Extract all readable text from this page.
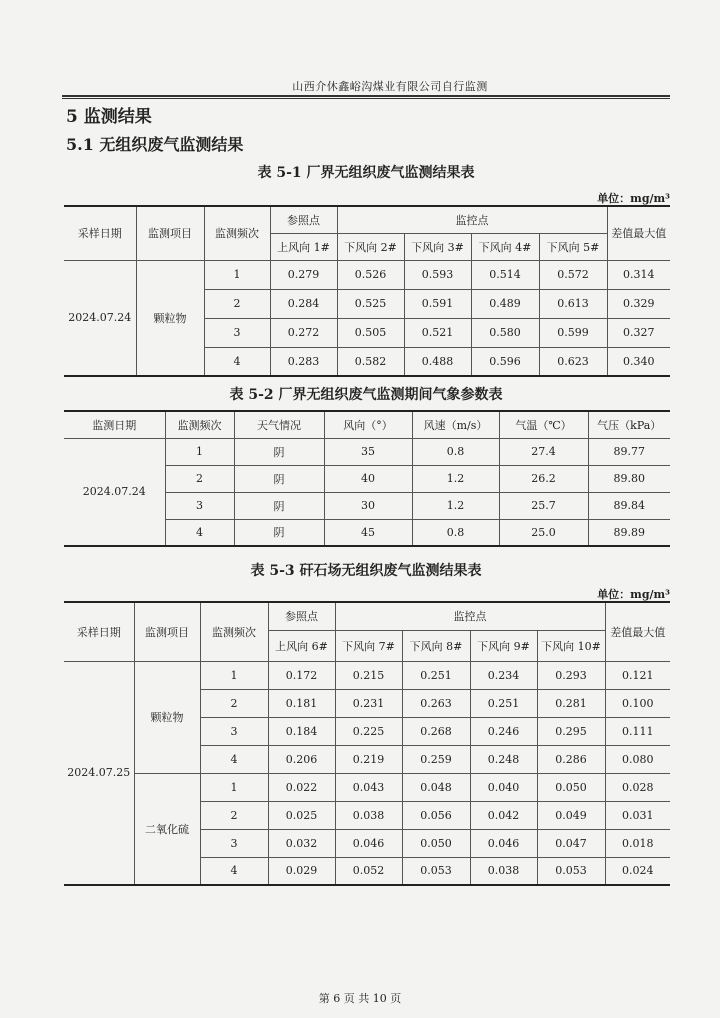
山西介休鑫峪沟煤业有限公司自行监测
5 监测结果
5.1 无组织废气监测结果

表 5-1 厂界无组织废气监测结果表

单位：mg/m³
采样日期	监测项目	监测频次	参照点	监控点				差值最大值
			上风向 1#	下风向 2#	下风向 3#	下风向 4#	下风向 5#	
2024.07.24	颗粒物	1	0.279	0.526	0.593	0.514	0.572	0.314
		2	0.284	0.525	0.591	0.489	0.613	0.329
		3	0.272	0.505	0.521	0.580	0.599	0.327
		4	0.283	0.582	0.488	0.596	0.623	0.340

表 5-2 厂界无组织废气监测期间气象参数表

监测日期	监测频次	天气情况	风向（°）	风速（m/s）	气温（℃）	气压（kPa）
2024.07.24	1	阴	35	0.8	27.4	89.77
	2	阴	40	1.2	26.2	89.80
	3	阴	30	1.2	25.7	89.84
	4	阴	45	0.8	25.0	89.89

表 5-3 矸石场无组织废气监测结果表

单位：mg/m³
采样日期	监测项目	监测频次	参照点	监控点				差值最大值
			上风向 6#	下风向 7#	下风向 8#	下风向 9#	下风向 10#	
2024.07.25	颗粒物	1	0.172	0.215	0.251	0.234	0.293	0.121
		2	0.181	0.231	0.263	0.251	0.281	0.100
		3	0.184	0.225	0.268	0.246	0.295	0.111
		4	0.206	0.219	0.259	0.248	0.286	0.080
	二氧化硫	1	0.022	0.043	0.048	0.040	0.050	0.028
		2	0.025	0.038	0.056	0.042	0.049	0.031
		3	0.032	0.046	0.050	0.046	0.047	0.018
		4	0.029	0.052	0.053	0.038	0.053	0.024
第 6 页 共 10 页
